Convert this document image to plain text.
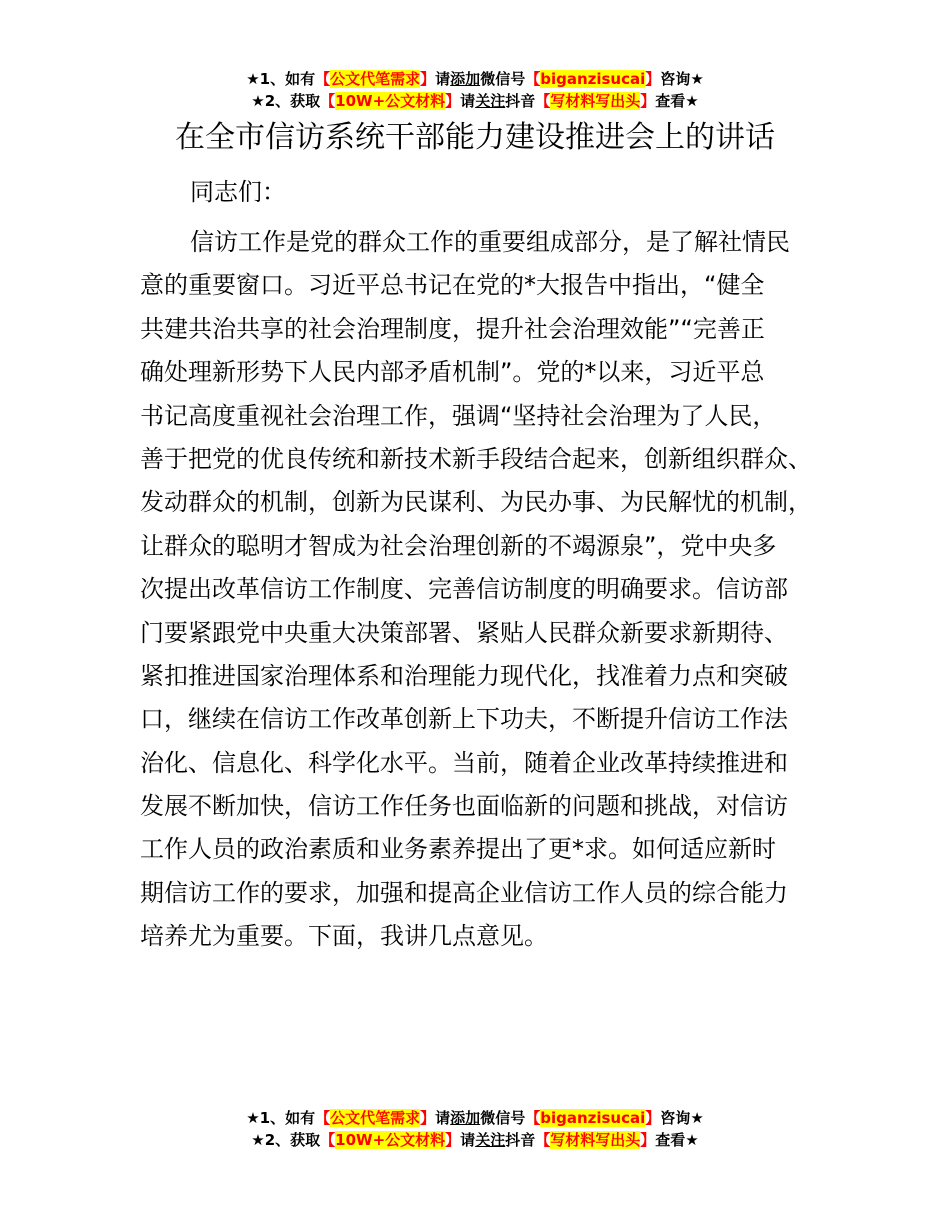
★1、如有【公文代笔需求】请添加微信号【biganzisucai】咨询★
★2、获取【10W+公文材料】请关注抖音【写材料写出头】查看★
在全市信访系统干部能力建设推进会上的讲话
同志们：
信访工作是党的群众工作的重要组成部分，是了解社情民
意的重要窗口。习近平总书记在党的*大报告中指出，“健全
共建共治共享的社会治理制度，提升社会治理效能”“完善正
确处理新形势下人民内部矛盾机制”。党的*以来，习近平总
书记高度重视社会治理工作，强调“坚持社会治理为了人民，
善于把党的优良传统和新技术新手段结合起来，创新组织群众、
发动群众的机制，创新为民谋利、为民办事、为民解忧的机制，
让群众的聪明才智成为社会治理创新的不竭源泉”，党中央多
次提出改革信访工作制度、完善信访制度的明确要求。信访部
门要紧跟党中央重大决策部署、紧贴人民群众新要求新期待、
紧扣推进国家治理体系和治理能力现代化，找准着力点和突破
口，继续在信访工作改革创新上下功夫，不断提升信访工作法
治化、信息化、科学化水平。当前，随着企业改革持续推进和
发展不断加快，信访工作任务也面临新的问题和挑战，对信访
工作人员的政治素质和业务素养提出了更*求。如何适应新时
期信访工作的要求，加强和提高企业信访工作人员的综合能力
培养尤为重要。下面，我讲几点意见。
★1、如有【公文代笔需求】请添加微信号【biganzisucai】咨询★
★2、获取【10W+公文材料】请关注抖音【写材料写出头】查看★
